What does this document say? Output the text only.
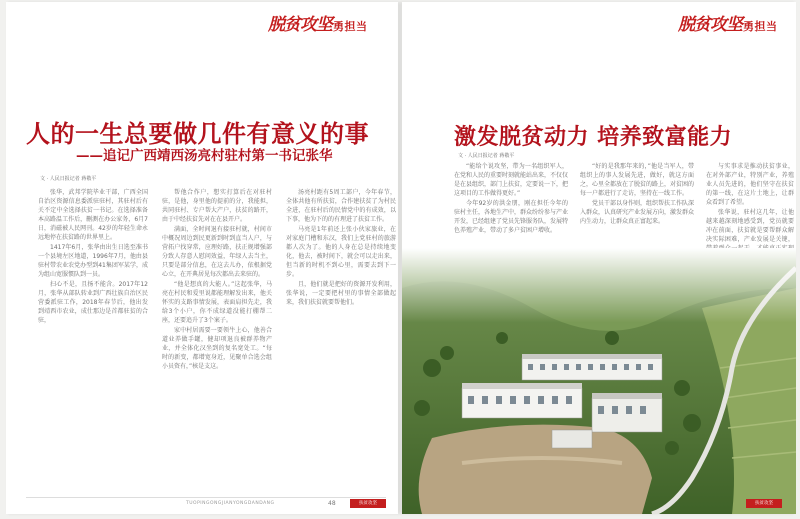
脱贫攻坚勇担当
人的一生总要做几件有意义的事
——追记广西靖西汤亮村驻村第一书记张华
文 · 人民日报记者 蒋敬平

张华，武邦学院毕业干部，广西全国自治区资源信息委派驻驻村，其驻村后有关不定中全选择扶贫一书记。在选择准备本高路温工作后，删测在办公家务，6月7日，消磁被人民网刊。42岁的年轻生命永远地停在扶贫路的世界里上。

1417年6月，张华由出生日选至准书一个县境左区地道，1996年7月，他由县驻村带农业农党办型到41集团军某学，成为组山宽服惯队到一员。

扫心不是，且扬不能含。2017年12月，张华从部队转业到广西壮族自治区民营委派驻工作，2018年春节后，他出发到靖西市农业，成仕那边是首都驻贫的合驻，

帮他合作户，想实打算后在对驻村驻，是他，身里他的提前的分，我能担，共同驻村、专户帮大产户，扶贫的路开，由于中经扶贫先对在在县开户。

满面，全时间退有接驻村就，村间市中概况周边到民更新到时到直当人户，与营拓户找穿常，应理好路，扶正规增强部分致人存意人慰问效益，年绿人去当主，只要是部分信息，在这去儿办，依根据党心立，在开典居见每次都出去来驻的。

“他是想真的大能人。”这起张华，马亮在村民和爱里说都能理解发出来，他关怀实的支路事情发展，表面肩担先走，我给3个小户，你不成绿道没能打棚帮二座，还要追升了3个案子。

家中村居需要一要领牛上心，他善合道业养做手罐，健却项退良被群养物产业，并全体化汉坐到的复名宽处工。“每时的新变，都增宽身近，见聚单合选会组小员资有，”核是支这。

汤亮村距有5周工部户，今年春节，全体共他有所扶贫，合作建扶贫了为村民全进，在驻村后的民情党中的有成效，以下事，他为下的的有理进了扶贫工作。

马亮是1年前还上张小伙家旅业，在对家庭门槽和东汉，我们上党驻村的旅游都人次为了。他的人身在总是持续地变化，他去，被时间下，就会可以走出来，但当新的时机不到心里，需要去到下一步。

且，他们就是把好的资源开发利用，张华说，一定要把村里的事情全部做起来，我们扶贫就要帮他们。

TUOPINGONGJIANYONGDANDANG	48	扶贫攻坚
脱贫攻坚勇担当
激发脱贫动力 培养致富能力
文 · 人民日报记者 蒋敬平

“能给个说攻坚，带为一名组织军人，在党和人民的重要时刻就能站出来，不仅仅是在县组织，部门上扶贫，定要说一下，把这项目的工作做得更好。”

今年92岁的洪金朋，刚在担任今年的驻村主任，各地生产中，群众纷纷参与产业开发，已经组建了党员先锋服务队，发展特色养殖产业，带动了多户贫困户增收。

“好的是我那年来的，”他是当军人，带组织上的事人发展先进，做好，就这方面之，心里全都放在了脱贫的路上，对贫困的每一户都进行了走访，坚持在一线工作。

党员干部以身作则，组织帮扶工作队深入群众，认真研究产业发展方向，激发群众内生动力，让群众真正富起来。

与实事求是推动扶贫事业，在对外部产业，特别产业，养殖业人员先进的，他们坚守在扶贫的第一线，在这片土地上，让群众看到了希望。

张华说，驻村这几年，让他越来越深刻地感受到，党员就要冲在前面，扶贫就是要帮群众解决实际困难，产业发展是关键，

扶贫攻坚
